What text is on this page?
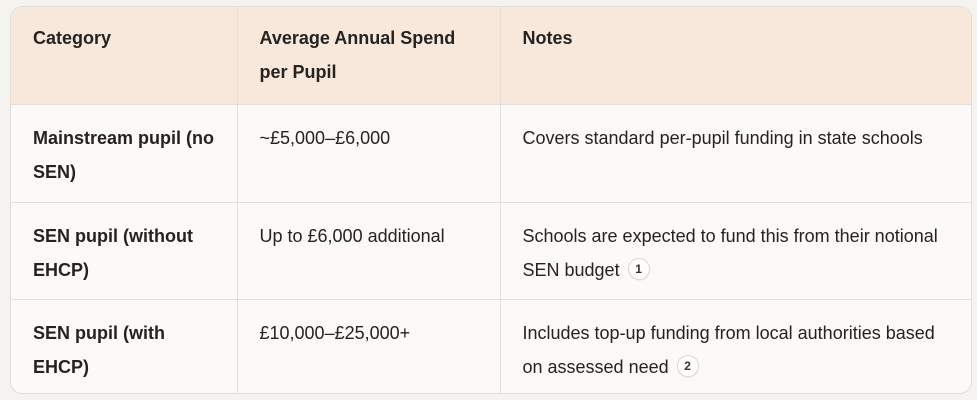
Category	Average Annual Spend per Pupil	Notes
Mainstream pupil (no SEN)	~£5,000–£6,000	Covers standard per-pupil funding in state schools
SEN pupil (without EHCP)	Up to £6,000 additional	Schools are expected to fund this from their notional SEN budget 1
SEN pupil (with EHCP)	£10,000–£25,000+	Includes top-up funding from local authorities based on assessed need 2
